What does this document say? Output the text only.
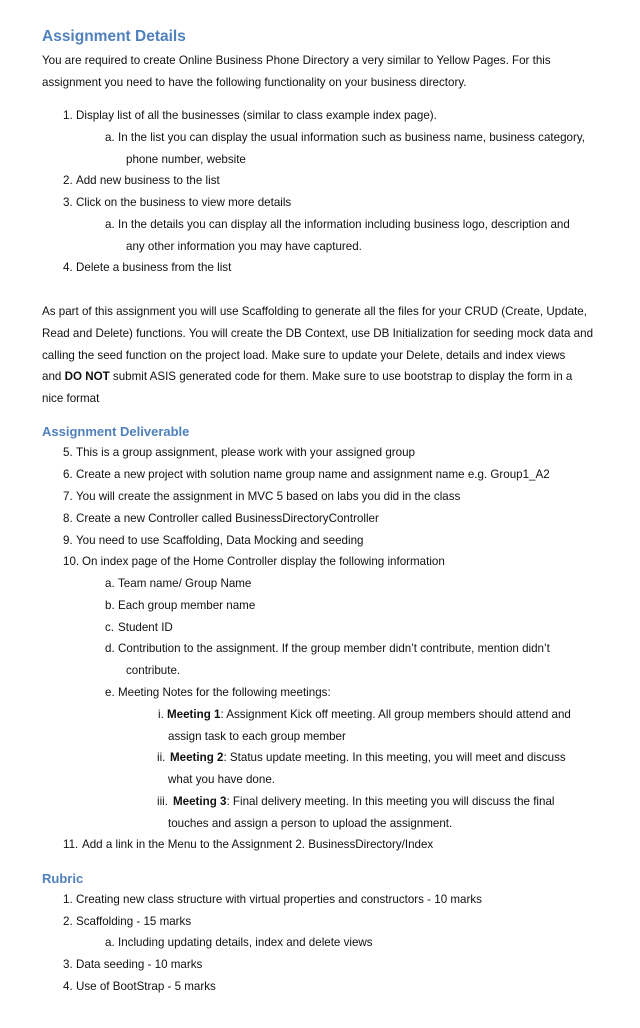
Assignment Details
You are required to create Online Business Phone Directory a very similar to Yellow Pages. For this
assignment you need to have the following functionality on your business directory.
1. Display list of all the businesses (similar to class example index page).
a. In the list you can display the usual information such as business name, business category,
phone number, website
2. Add new business to the list
3. Click on the business to view more details
a. In the details you can display all the information including business logo, description and
any other information you may have captured.
4. Delete a business from the list
As part of this assignment you will use Scaffolding to generate all the files for your CRUD (Create, Update,
Read and Delete) functions. You will create the DB Context, use DB Initialization for seeding mock data and
calling the seed function on the project load. Make sure to update your Delete, details and index views
and DO NOT submit ASIS generated code for them. Make sure to use bootstrap to display the form in a
nice format
Assignment Deliverable
5. This is a group assignment, please work with your assigned group
6. Create a new project with solution name group name and assignment name e.g. Group1_A2
7. You will create the assignment in MVC 5 based on labs you did in the class
8. Create a new Controller called BusinessDirectoryController
9. You need to use Scaffolding, Data Mocking and seeding
10. On index page of the Home Controller display the following information
a. Team name/ Group Name
b. Each group member name
c. Student ID
d. Contribution to the assignment. If the group member didn’t contribute, mention didn’t
contribute.
e. Meeting Notes for the following meetings:
i. Meeting 1: Assignment Kick off meeting. All group members should attend and
assign task to each group member
ii. Meeting 2: Status update meeting. In this meeting, you will meet and discuss
what you have done.
iii. Meeting 3: Final delivery meeting. In this meeting you will discuss the final
touches and assign a person to upload the assignment.
11. Add a link in the Menu to the Assignment 2. BusinessDirectory/Index
Rubric
1. Creating new class structure with virtual properties and constructors - 10 marks
2. Scaffolding - 15 marks
a. Including updating details, index and delete views
3. Data seeding - 10 marks
4. Use of BootStrap - 5 marks
